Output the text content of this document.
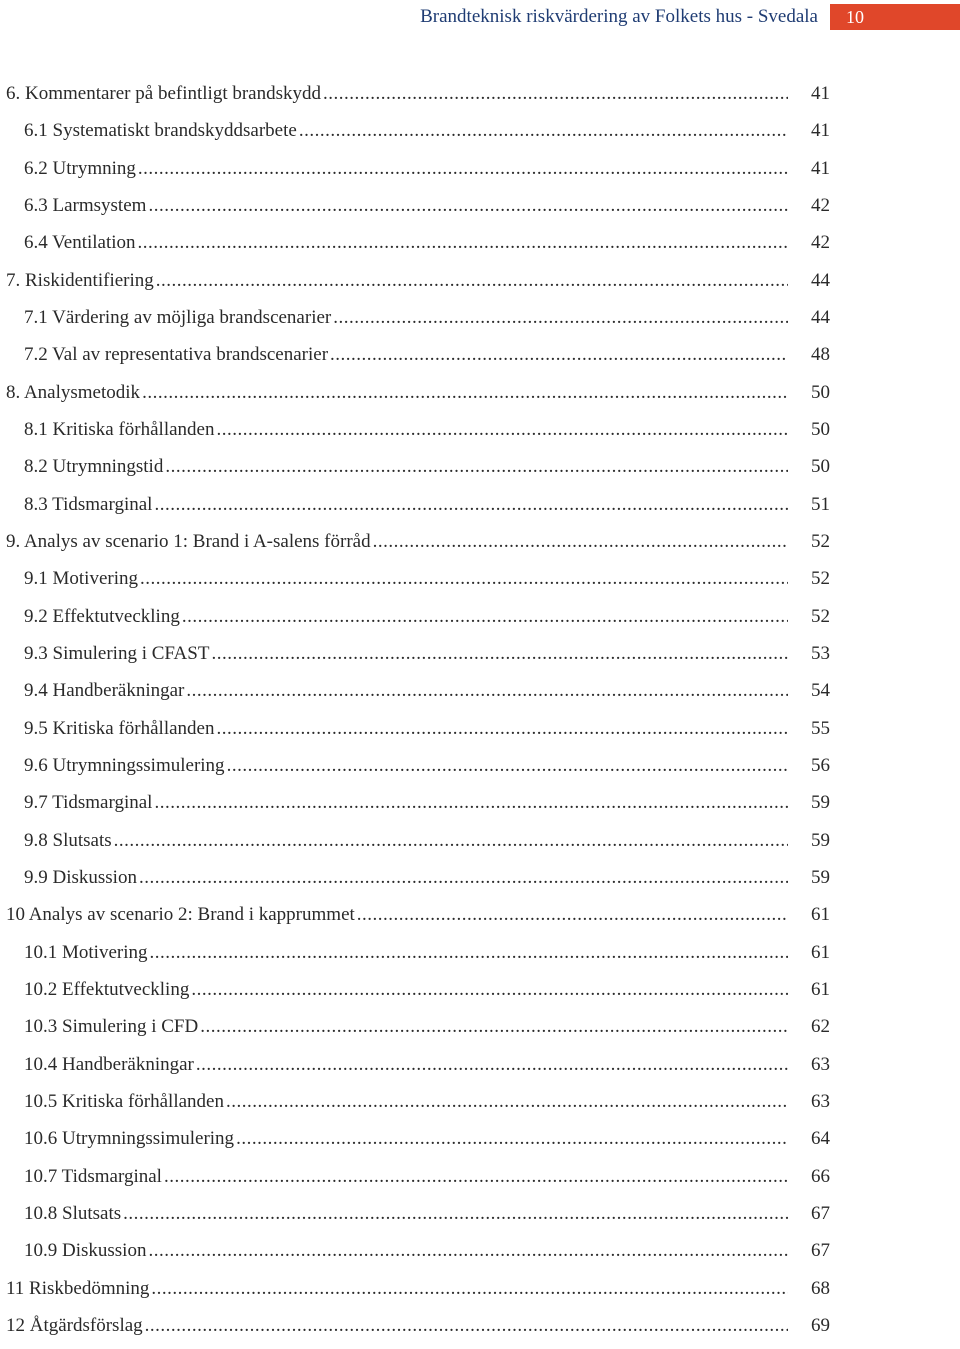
Brandteknisk riskvärdering av Folkets hus - Svedala	10
6. Kommentarer på befintligt brandskydd .....	41
6.1 Systematiskt brandskyddsarbete .....	41
6.2 Utrymning .....	41
6.3 Larmsystem .....	42
6.4 Ventilation .....	42
7. Riskidentifiering .....	44
7.1 Värdering av möjliga brandscenarier .....	44
7.2 Val av representativa brandscenarier .....	48
8. Analysmetodik .....	50
8.1 Kritiska förhållanden .....	50
8.2 Utrymningstid .....	50
8.3 Tidsmarginal .....	51
9. Analys av scenario 1: Brand i A-salens förråd .....	52
9.1 Motivering .....	52
9.2 Effektutveckling .....	52
9.3 Simulering i CFAST .....	53
9.4 Handberäkningar .....	54
9.5 Kritiska förhållanden .....	55
9.6 Utrymningssimulering .....	56
9.7 Tidsmarginal .....	59
9.8 Slutsats .....	59
9.9 Diskussion .....	59
10 Analys av scenario 2: Brand i kapprummet .....	61
10.1 Motivering .....	61
10.2 Effektutveckling .....	61
10.3 Simulering i CFD .....	62
10.4 Handberäkningar .....	63
10.5 Kritiska förhållanden .....	63
10.6 Utrymningssimulering .....	64
10.7 Tidsmarginal .....	66
10.8 Slutsats .....	67
10.9 Diskussion .....	67
11 Riskbedömning .....	68
12 Åtgärdsförslag .....	69
